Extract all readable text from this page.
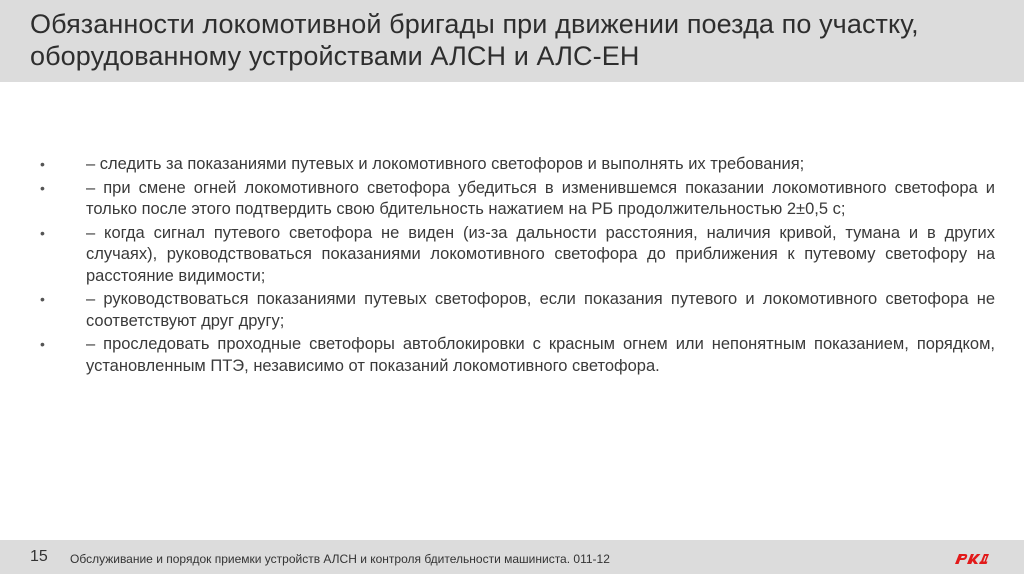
Обязанности локомотивной бригады при движении поезда по участку, оборудованному устройствами АЛСН и АЛС-ЕН
•	– следить за показаниями путевых и локомотивного светофоров и выполнять их требования;
•	– при смене огней локомотивного светофора убедиться в изменившемся показании локомотивного светофора и только после этого подтвердить свою бдительность нажатием на РБ продолжительностью 2±0,5 с;
•	– когда сигнал путевого светофора не виден (из-за дальности расстояния, наличия кривой, тумана и в других случаях), руководствоваться показаниями локомотивного светофора до приближения к путевому светофору на расстояние видимости;
•	– руководствоваться показаниями путевых светофоров, если показания путевого и локомотивного светофора не соответствуют друг другу;
•	– проследовать проходные светофоры автоблокировки с красным огнем или непонятным показанием, порядком, установленным ПТЭ, независимо от показаний локомотивного светофора.
15 Обслуживание и порядок приемки устройств АЛСН и контроля бдительности машиниста. 011-12
